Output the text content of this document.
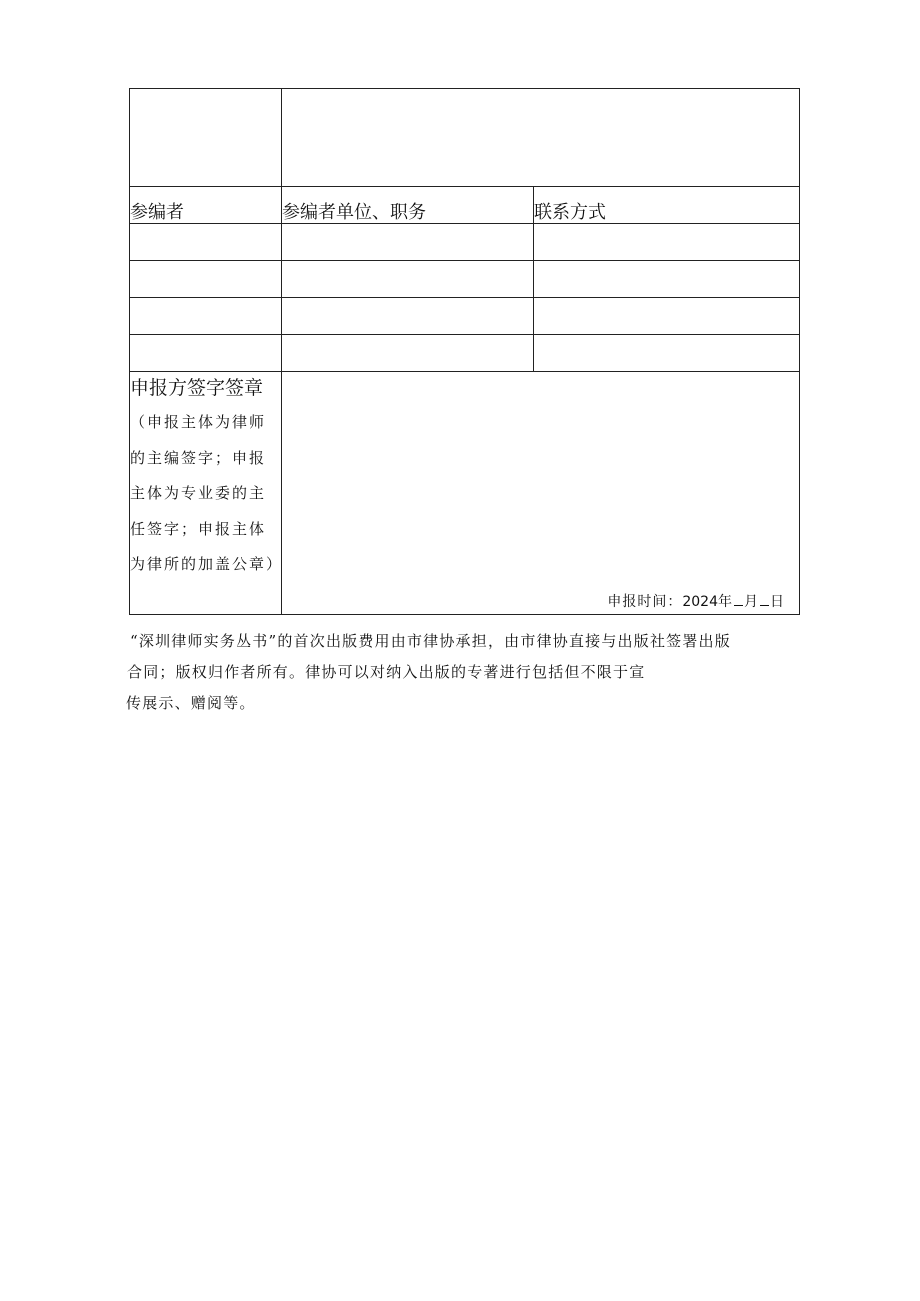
参编者	参编者单位、职务	联系方式

申报方签字签章
（申报主体为律师的主编签字；申报主体为专业委的主任签字；申报主体为律所的加盖公章）	申报时间：2024年 月 日	

“深圳律师实务丛书”的首次出版费用由市律协承担，由市律协直接与出版社签署出版

合同；版权归作者所有。律协可以对纳入出版的专著进行包括但不限于宣

传展示、赠阅等。
